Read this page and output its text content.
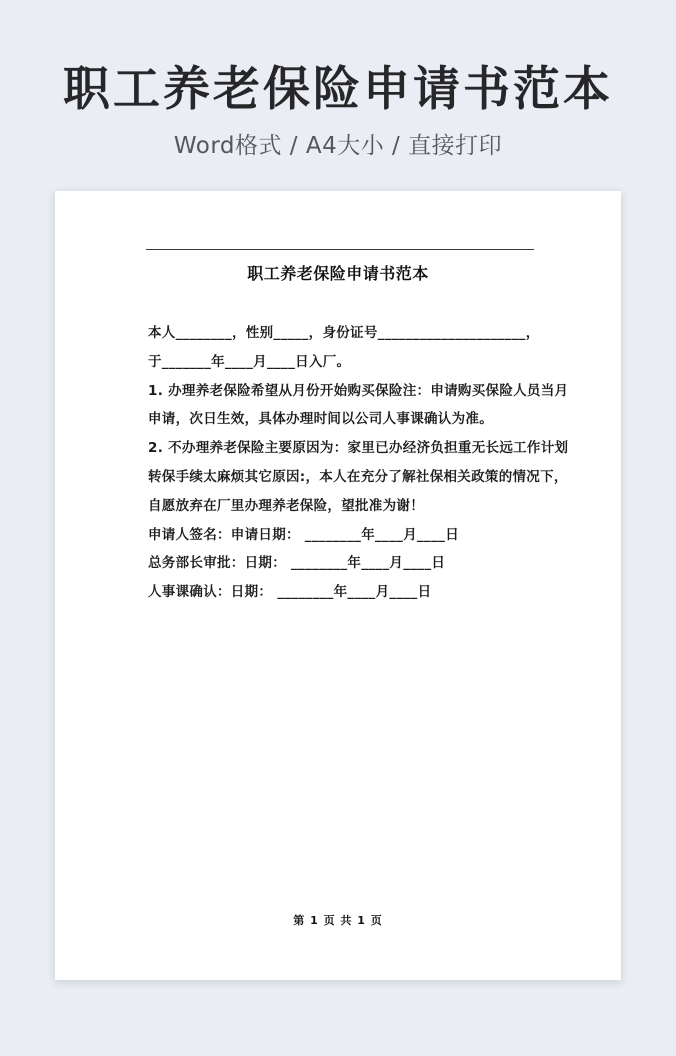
职工养老保险申请书范本
Word格式 / A4大小 / 直接打印
职工养老保险申请书范本
本人________，性别_____，身份证号_____________________，
于_______年____月____日入厂。
1. 办理养老保险希望从月份开始购买保险注：申请购买保险人员当月
申请，次日生效，具体办理时间以公司人事课确认为准。
2. 不办理养老保险主要原因为：家里已办经济负担重无长远工作计划
转保手续太麻烦其它原因:，本人在充分了解社保相关政策的情况下，
自愿放弃在厂里办理养老保险，望批准为谢！
申请人签名：申请日期： ________年____月____日
总务部长审批：日期： ________年____月____日
人事课确认：日期： ________年____月____日
第 1 页 共 1 页
